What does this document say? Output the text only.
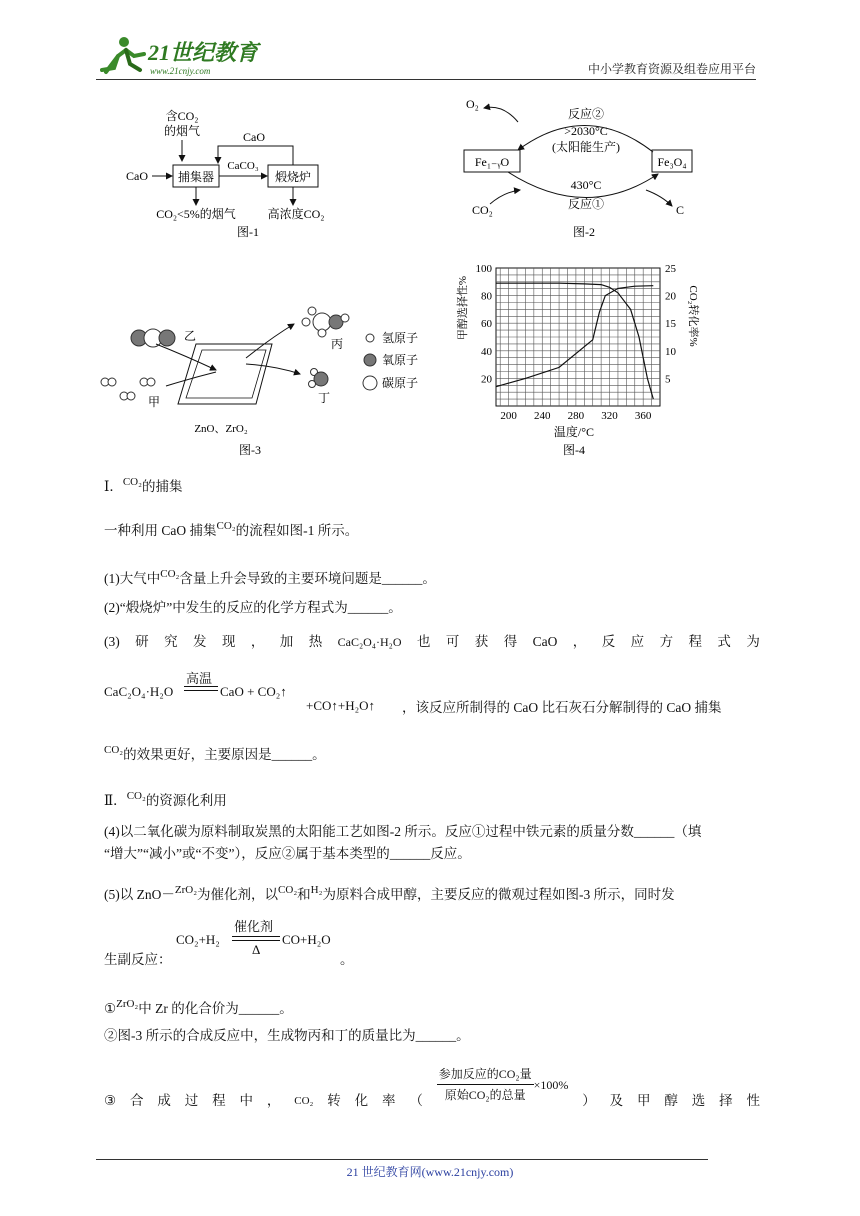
21世纪教育
www.21cnjy.com	中小学教育资源及组卷应用平台
含CO₂
的烟气
CaO 捕集器	煅烧炉
CaCO₃
CaO
CO₂<5%的烟气	高浓度CO₂
图-1
O₂
反应②
>2030°C
(太阳能生产)
Fe₁₋ᵧO	Fe₃O₄
430°C
反应①
CO₂	C
图-2
乙
甲
ZnO、ZrO₂
丙
丁
氢原子
氧原子
碳原子
图-3
甲醇选择性%	CO₂转化率%
200 240 280 320 360
20
40
60
80
100
5
10
15
20
25
温度/°C
图-4
Ⅰ．$^{CO_2}$的捕集
一种利用 CaO 捕集$^{CO_2}$的流程如图-1 所示。
(1)大气中$^{CO_2}$含量上升会导致的主要环境问题是______。
(2)“煅烧炉”中发生的反应的化学方程式为______。
(3) 研 究 发 现 ， 加 热 CaC₂O₄·H₂O 也 可 获 得 CaO ， 反 应 方 程 式 为
CaC₂O₄·H₂O
高温
CaO + CO₂↑
+CO↑+H₂O↑ ，该反应所制得的 CaO 比石灰石分解制得的 CaO 捕集
$^{CO_2}$的效果更好，主要原因是______。
Ⅱ．$^{CO_2}$的资源化利用
(4)以二氧化碳为原料制取炭黑的太阳能工艺如图-2 所示。反应①过程中铁元素的质量分数______（填
“增大”“减小”或“不变”），反应②属于基本类型的______反应。
(5)以 ZnO－$^{ZrO_2}$为催化剂，以$^{CO_2}$和$^{H_2}$为原料合成甲醇，主要反应的微观过程如图-3 所示，同时发
CO₂+H₂
催化剂
Δ
CO+H₂O
生副反应：	。
①$^{ZrO_2}$中 Zr 的化合价为______。
②图-3 所示的合成反应中，生成物丙和丁的质量比为______。
③ 合 成 过 程 中 ， CO₂ 转 化 率 （ $\frac{\text{参加反应的CO₂量}}{\text{原始CO₂的总量}} \times 100\%$
） 及 甲 醇 选 择 性
21 世纪教育网(www.21cnjy.com)
